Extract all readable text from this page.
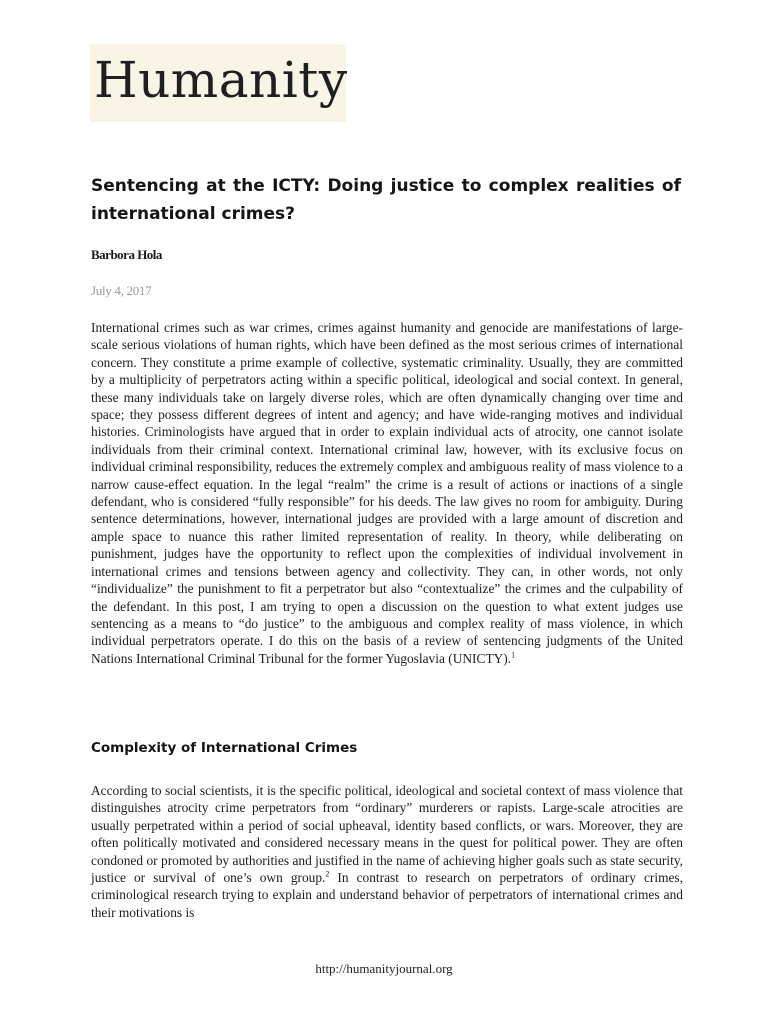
Humanity
Sentencing at the ICTY: Doing justice to complex realities of international crimes?

Barbora Hola

July 4, 2017

International crimes such as war crimes, crimes against humanity and genocide are manifestations of large-scale serious violations of human rights, which have been defined as the most serious crimes of international concern. They constitute a prime example of collective, systematic criminality. Usually, they are committed by a multiplicity of perpetrators acting within a specific political, ideological and social context. In general, these many individuals take on largely diverse roles, which are often dynamically changing over time and space; they possess different degrees of intent and agency; and have wide-ranging motives and individual histories. Criminologists have argued that in order to explain individual acts of atrocity, one cannot isolate individuals from their criminal context. International criminal law, however, with its exclusive focus on individual criminal responsibility, reduces the extremely complex and ambiguous reality of mass violence to a narrow cause-effect equation. In the legal “realm” the crime is a result of actions or inactions of a single defendant, who is considered “fully responsible” for his deeds. The law gives no room for ambiguity. During sentence determinations, however, international judges are provided with a large amount of discretion and ample space to nuance this rather limited representation of reality. In theory, while deliberating on punishment, judges have the opportunity to reflect upon the complexities of individual involvement in international crimes and tensions between agency and collectivity. They can, in other words, not only “individualize” the punishment to fit a perpetrator but also “contextualize” the crimes and the culpability of the defendant. In this post, I am trying to open a discussion on the question to what extent judges use sentencing as a means to “do justice” to the ambiguous and complex reality of mass violence, in which individual perpetrators operate. I do this on the basis of a review of sentencing judgments of the United Nations International Criminal Tribunal for the former Yugoslavia (UNICTY).$^1$

Complexity of International Crimes

According to social scientists, it is the specific political, ideological and societal context of mass violence that distinguishes atrocity crime perpetrators from “ordinary” murderers or rapists. Large-scale atrocities are usually perpetrated within a period of social upheaval, identity based conflicts, or wars. Moreover, they are often politically motivated and considered necessary means in the quest for political power. They are often condoned or promoted by authorities and justified in the name of achieving higher goals such as state security, justice or survival of one’s own group.$^2$ In contrast to research on perpetrators of ordinary crimes, criminological research trying to explain and understand behavior of perpetrators of international crimes and their motivations is

http://humanityjournal.org
